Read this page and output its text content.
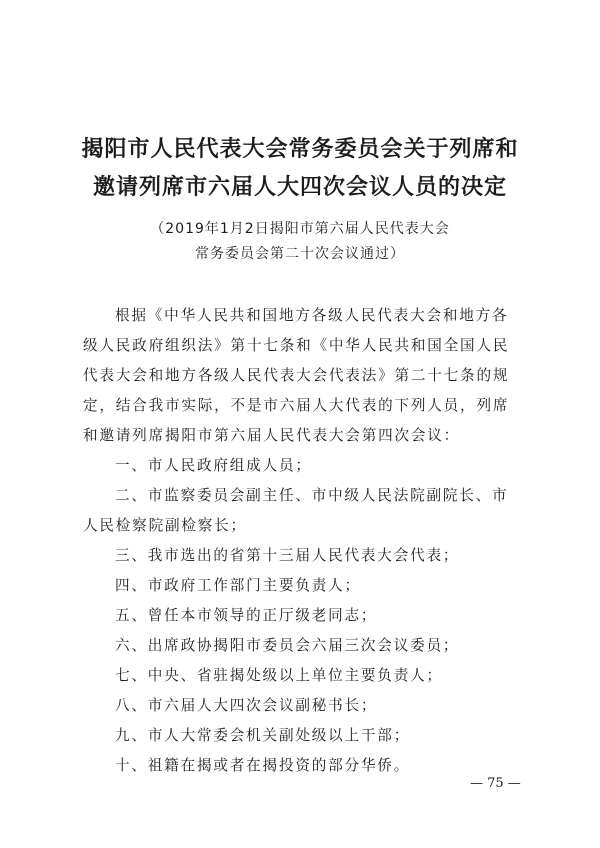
揭阳市人民代表大会常务委员会关于列席和
邀请列席市六届人大四次会议人员的决定
（2019年1月2日揭阳市第六届人民代表大会
常务委员会第二十次会议通过）
根据《中华人民共和国地方各级人民代表大会和地方各
级人民政府组织法》第十七条和《中华人民共和国全国人民
代表大会和地方各级人民代表大会代表法》第二十七条的规
定，结合我市实际，不是市六届人大代表的下列人员，列席
和邀请列席揭阳市第六届人民代表大会第四次会议：
一、市人民政府组成人员；
二、市监察委员会副主任、市中级人民法院副院长、市
人民检察院副检察长；
三、我市选出的省第十三届人民代表大会代表；
四、市政府工作部门主要负责人；
五、曾任本市领导的正厅级老同志；
六、出席政协揭阳市委员会六届三次会议委员；
七、中央、省驻揭处级以上单位主要负责人；
八、市六届人大四次会议副秘书长；
九、市人大常委会机关副处级以上干部；
十、祖籍在揭或者在揭投资的部分华侨。
— 75 —
